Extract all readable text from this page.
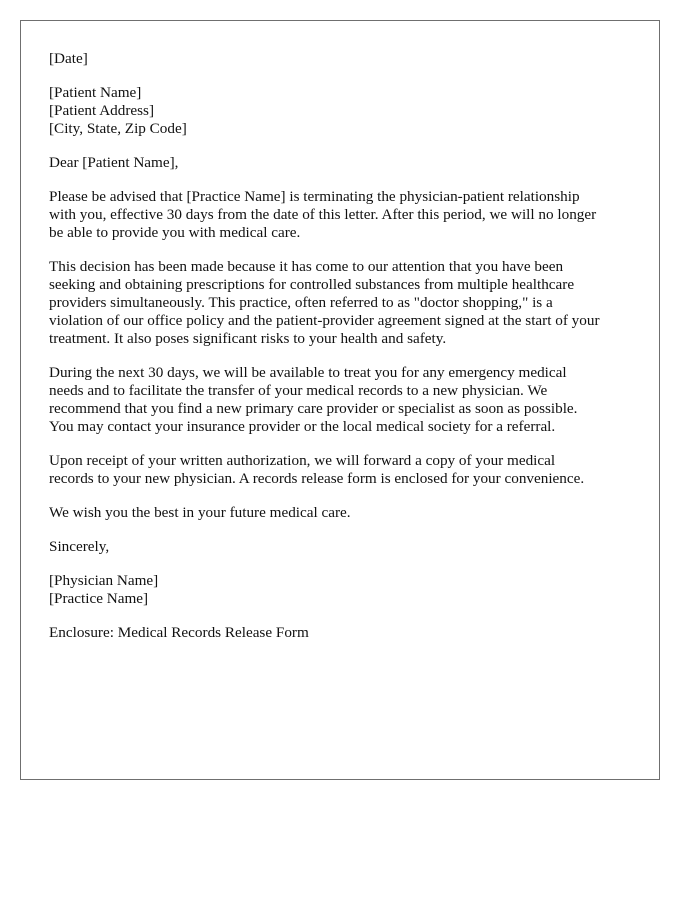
[Date]

[Patient Name]
[Patient Address]
[City, State, Zip Code]

Dear [Patient Name],

Please be advised that [Practice Name] is terminating the physician-patient relationship
with you, effective 30 days from the date of this letter. After this period, we will no longer
be able to provide you with medical care.

This decision has been made because it has come to our attention that you have been
seeking and obtaining prescriptions for controlled substances from multiple healthcare
providers simultaneously. This practice, often referred to as "doctor shopping," is a
violation of our office policy and the patient-provider agreement signed at the start of your
treatment. It also poses significant risks to your health and safety.

During the next 30 days, we will be available to treat you for any emergency medical
needs and to facilitate the transfer of your medical records to a new physician. We
recommend that you find a new primary care provider or specialist as soon as possible.
You may contact your insurance provider or the local medical society for a referral.

Upon receipt of your written authorization, we will forward a copy of your medical
records to your new physician. A records release form is enclosed for your convenience.

We wish you the best in your future medical care.

Sincerely,

[Physician Name]
[Practice Name]

Enclosure: Medical Records Release Form
